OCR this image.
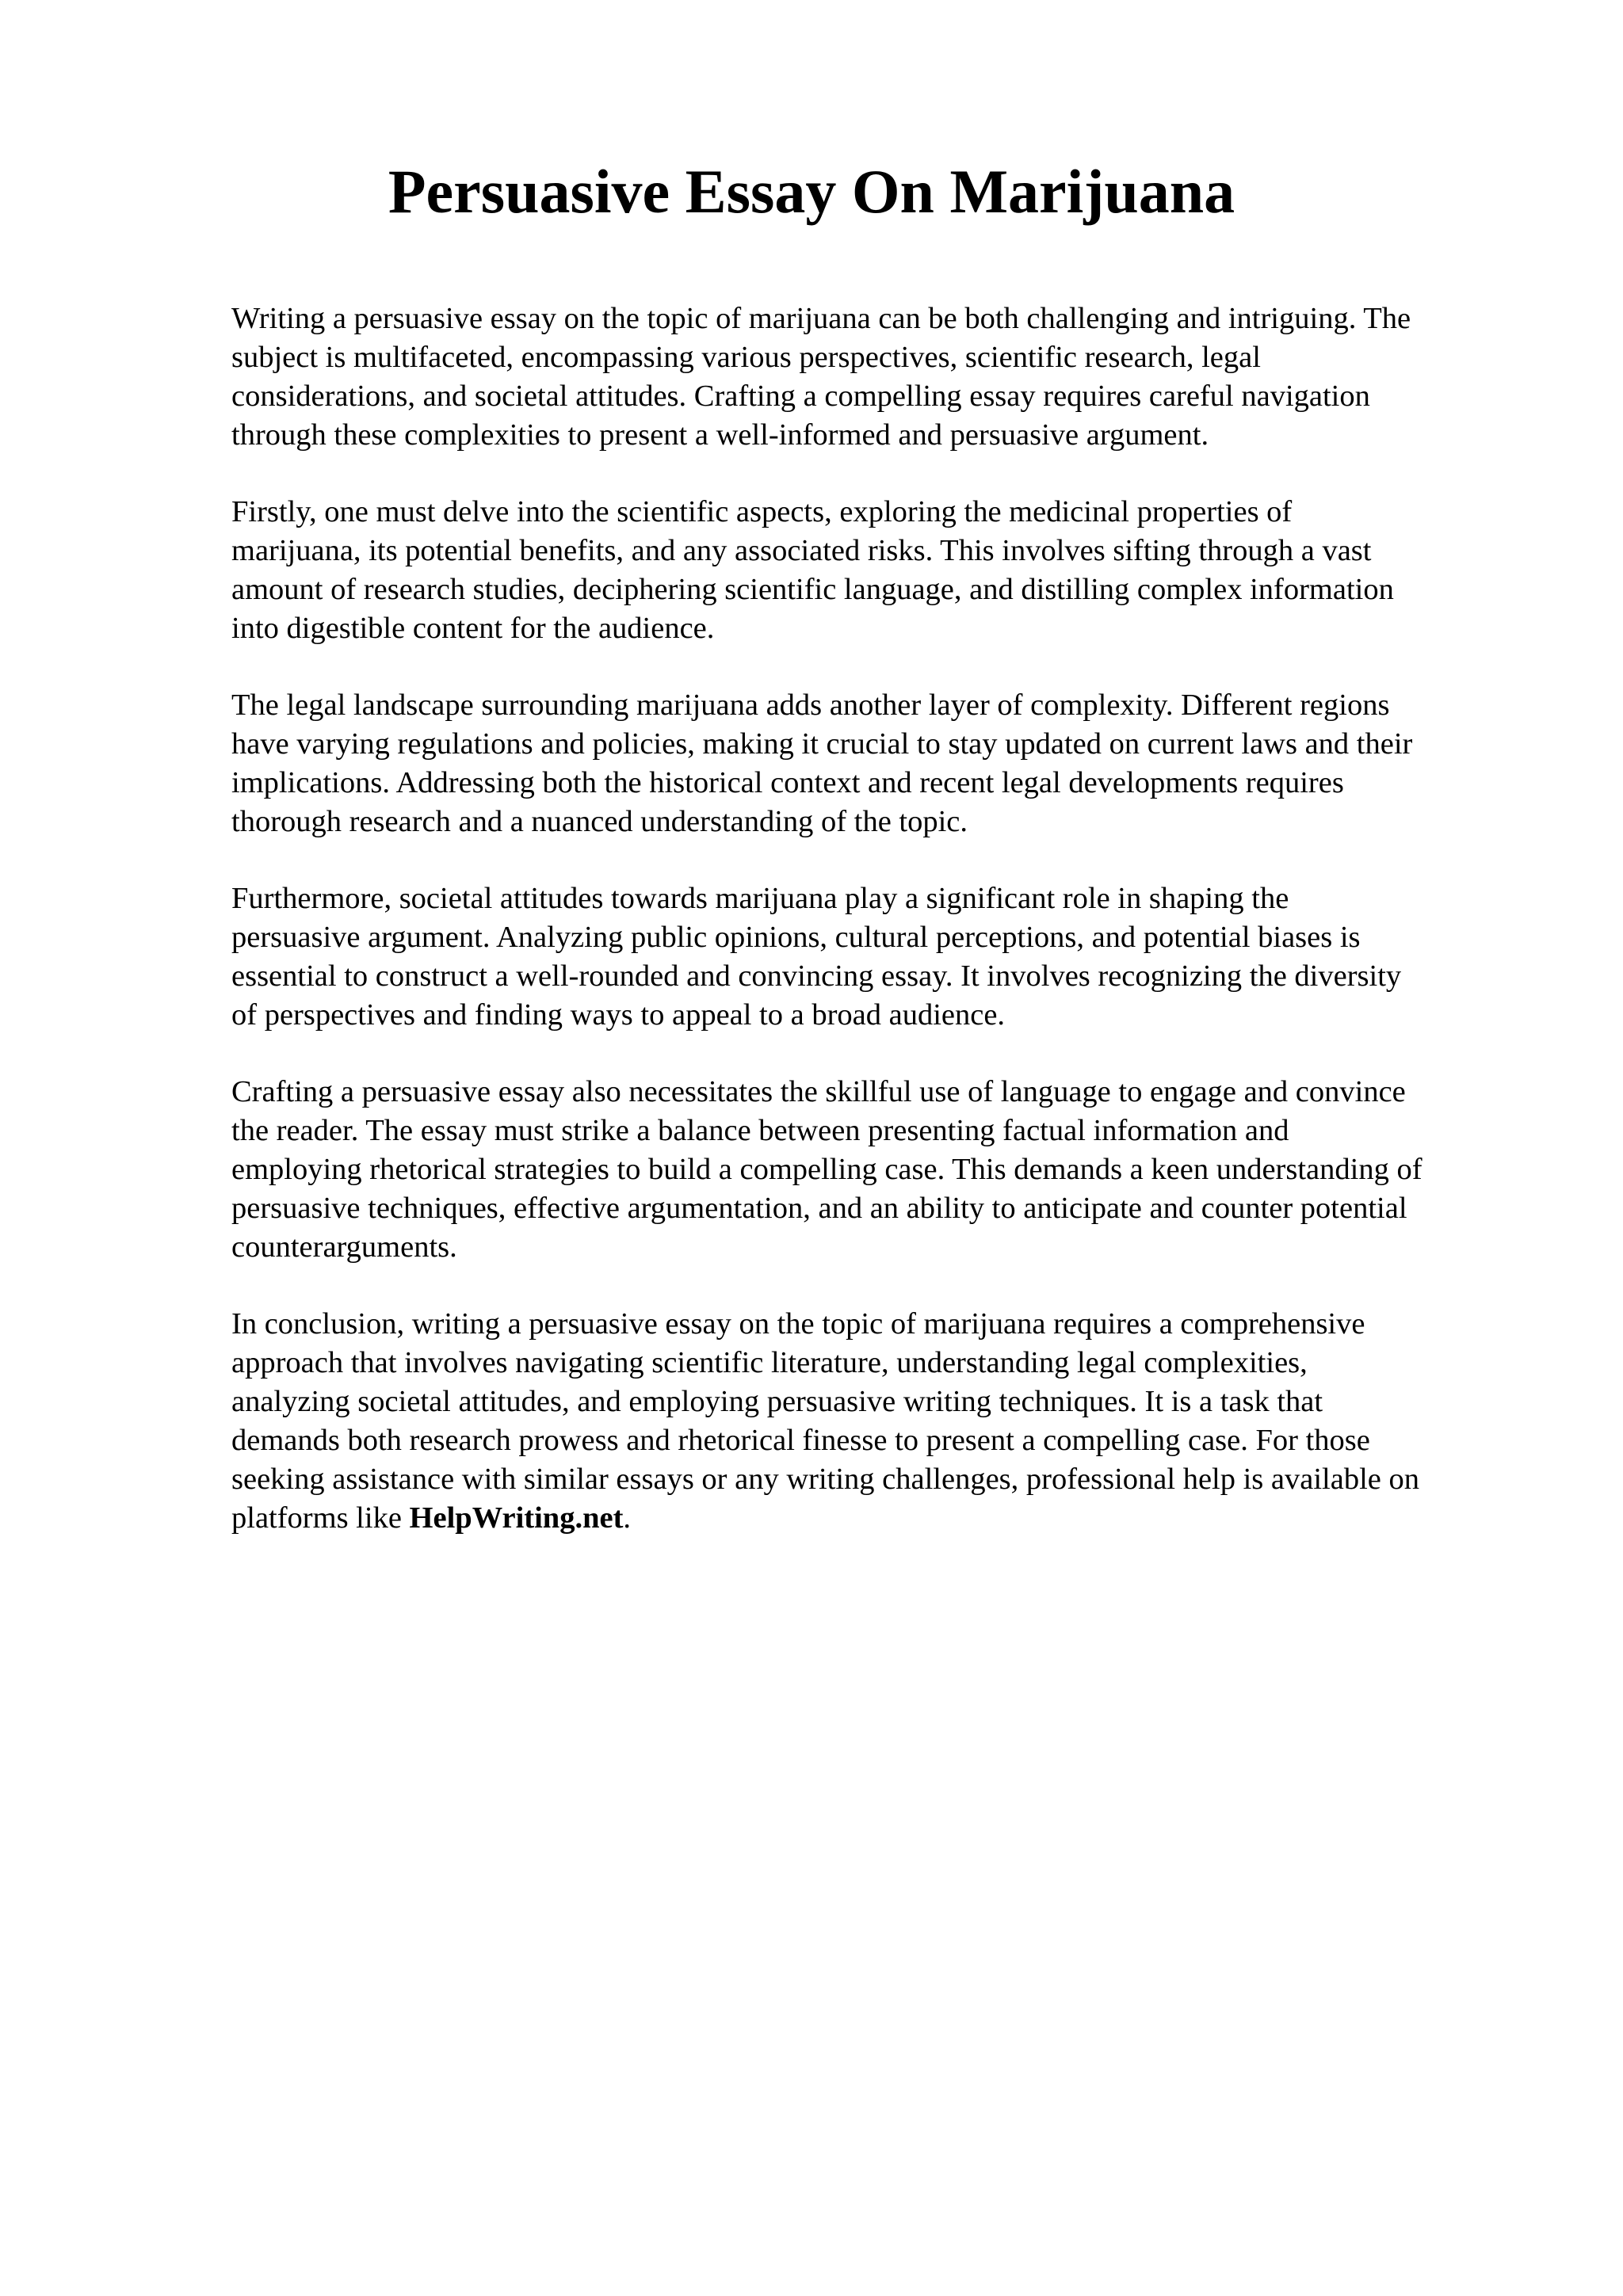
Persuasive Essay On Marijuana

Writing a persuasive essay on the topic of marijuana can be both challenging and intriguing. The
subject is multifaceted, encompassing various perspectives, scientific research, legal
considerations, and societal attitudes. Crafting a compelling essay requires careful navigation
through these complexities to present a well-informed and persuasive argument.

Firstly, one must delve into the scientific aspects, exploring the medicinal properties of
marijuana, its potential benefits, and any associated risks. This involves sifting through a vast
amount of research studies, deciphering scientific language, and distilling complex information
into digestible content for the audience.

The legal landscape surrounding marijuana adds another layer of complexity. Different regions
have varying regulations and policies, making it crucial to stay updated on current laws and their
implications. Addressing both the historical context and recent legal developments requires
thorough research and a nuanced understanding of the topic.

Furthermore, societal attitudes towards marijuana play a significant role in shaping the
persuasive argument. Analyzing public opinions, cultural perceptions, and potential biases is
essential to construct a well-rounded and convincing essay. It involves recognizing the diversity
of perspectives and finding ways to appeal to a broad audience.

Crafting a persuasive essay also necessitates the skillful use of language to engage and convince
the reader. The essay must strike a balance between presenting factual information and
employing rhetorical strategies to build a compelling case. This demands a keen understanding of
persuasive techniques, effective argumentation, and an ability to anticipate and counter potential
counterarguments.

In conclusion, writing a persuasive essay on the topic of marijuana requires a comprehensive
approach that involves navigating scientific literature, understanding legal complexities,
analyzing societal attitudes, and employing persuasive writing techniques. It is a task that
demands both research prowess and rhetorical finesse to present a compelling case. For those
seeking assistance with similar essays or any writing challenges, professional help is available on
platforms like HelpWriting.net.
